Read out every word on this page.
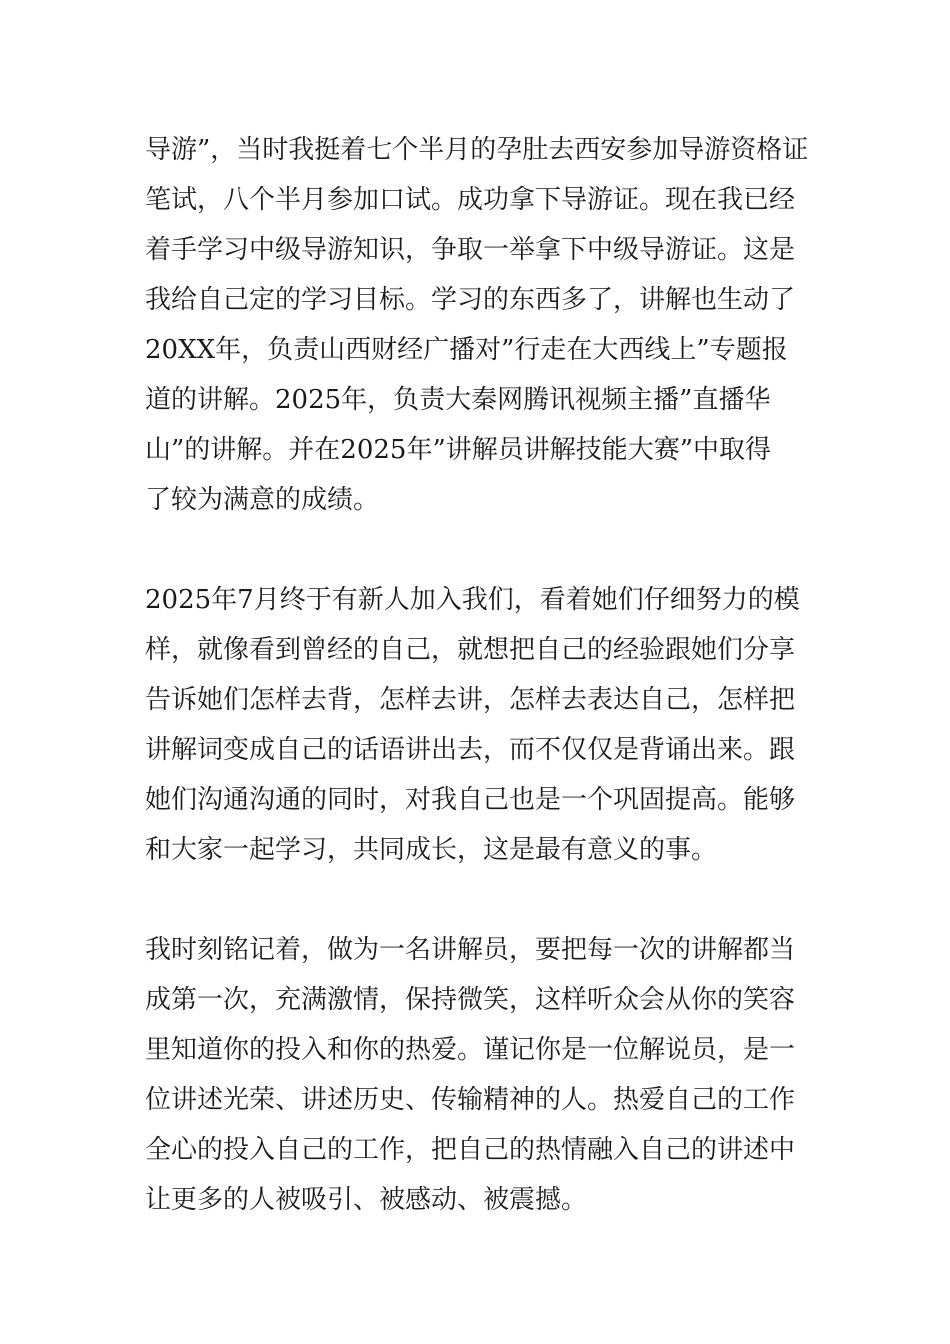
导游”，当时我挺着七个半月的孕肚去西安参加导游资格证
笔试，八个半月参加口试。成功拿下导游证。现在我已经
着手学习中级导游知识，争取一举拿下中级导游证。这是
我给自己定的学习目标。学习的东西多了，讲解也生动了
20XX年，负责山西财经广播对”行走在大西线上”专题报
道的讲解。2025年，负责大秦网腾讯视频主播”直播华
山”的讲解。并在2025年”讲解员讲解技能大赛”中取得
了较为满意的成绩。
2025年7月终于有新人加入我们，看着她们仔细努力的模
样，就像看到曾经的自己，就想把自己的经验跟她们分享
告诉她们怎样去背，怎样去讲，怎样去表达自己，怎样把
讲解词变成自己的话语讲出去，而不仅仅是背诵出来。跟
她们沟通沟通的同时，对我自己也是一个巩固提高。能够
和大家一起学习，共同成长，这是最有意义的事。
我时刻铭记着，做为一名讲解员，要把每一次的讲解都当
成第一次，充满激情，保持微笑，这样听众会从你的笑容
里知道你的投入和你的热爱。谨记你是一位解说员，是一
位讲述光荣、讲述历史、传输精神的人。热爱自己的工作
全心的投入自己的工作，把自己的热情融入自己的讲述中
让更多的人被吸引、被感动、被震撼。
